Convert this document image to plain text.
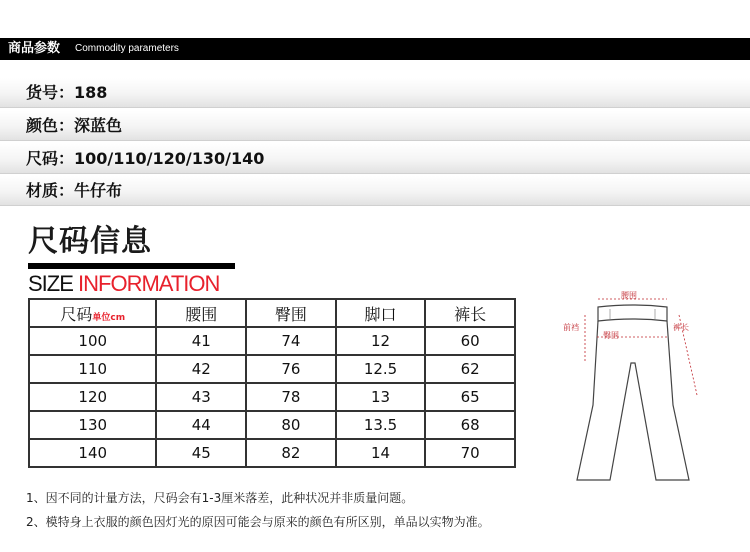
商品参数 Commodity parameters
货号：188
颜色：深蓝色
尺码：100/110/120/130/140
材质：牛仔布
尺码信息
SIZE INFORMATION
尺码单位cm	腰围	臀围	脚口	裤长
100	41	74	12	60
110	42	76	12.5	62
120	43	78	13	65
130	44	80	13.5	68
140	45	82	14	70
腰围
前裆
臀围
裤长
1、因不同的计量方法，尺码会有1-3厘米落差，此种状况并非质量问题。
2、模特身上衣服的颜色因灯光的原因可能会与原来的颜色有所区别，单品以实物为准。
